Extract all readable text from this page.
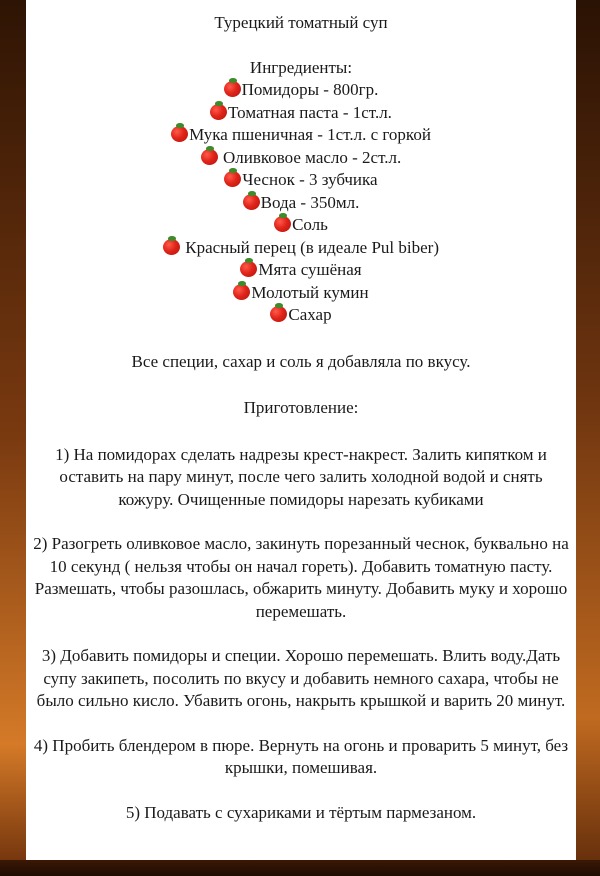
Турецкий томатный суп
Ингредиенты:
Помидоры - 800гр.
Томатная паста - 1ст.л.
Мука пшеничная - 1ст.л. с горкой
Оливковое масло - 2ст.л.
Чеснок - 3 зубчика
Вода - 350мл.
Соль
Красный перец (в идеале Pul biber)
Мята сушёная
Молотый кумин
Сахар
Все специи, сахар и соль я добавляла по вкусу.
Приготовление:

1) На помидорах сделать надрезы крест-накрест. Залить кипятком и оставить на пару минут, после чего залить холодной водой и снять кожуру. Очищенные помидоры нарезать кубиками

2) Разогреть оливковое масло, закинуть порезанный чеснок, буквально на 10 секунд ( нельзя чтобы он начал гореть). Добавить томатную пасту. Размешать, чтобы разошлась, обжарить минуту. Добавить муку и хорошо перемешать.

3) Добавить помидоры и специи. Хорошо перемешать. Влить воду.Дать супу закипеть, посолить по вкусу и добавить немного сахара, чтобы не было сильно кисло. Убавить огонь, накрыть крышкой и варить 20 минут.

4) Пробить блендером в пюре. Вернуть на огонь и проварить 5 минут, без крышки, помешивая.

5) Подавать с сухариками и тёртым пармезаном.
